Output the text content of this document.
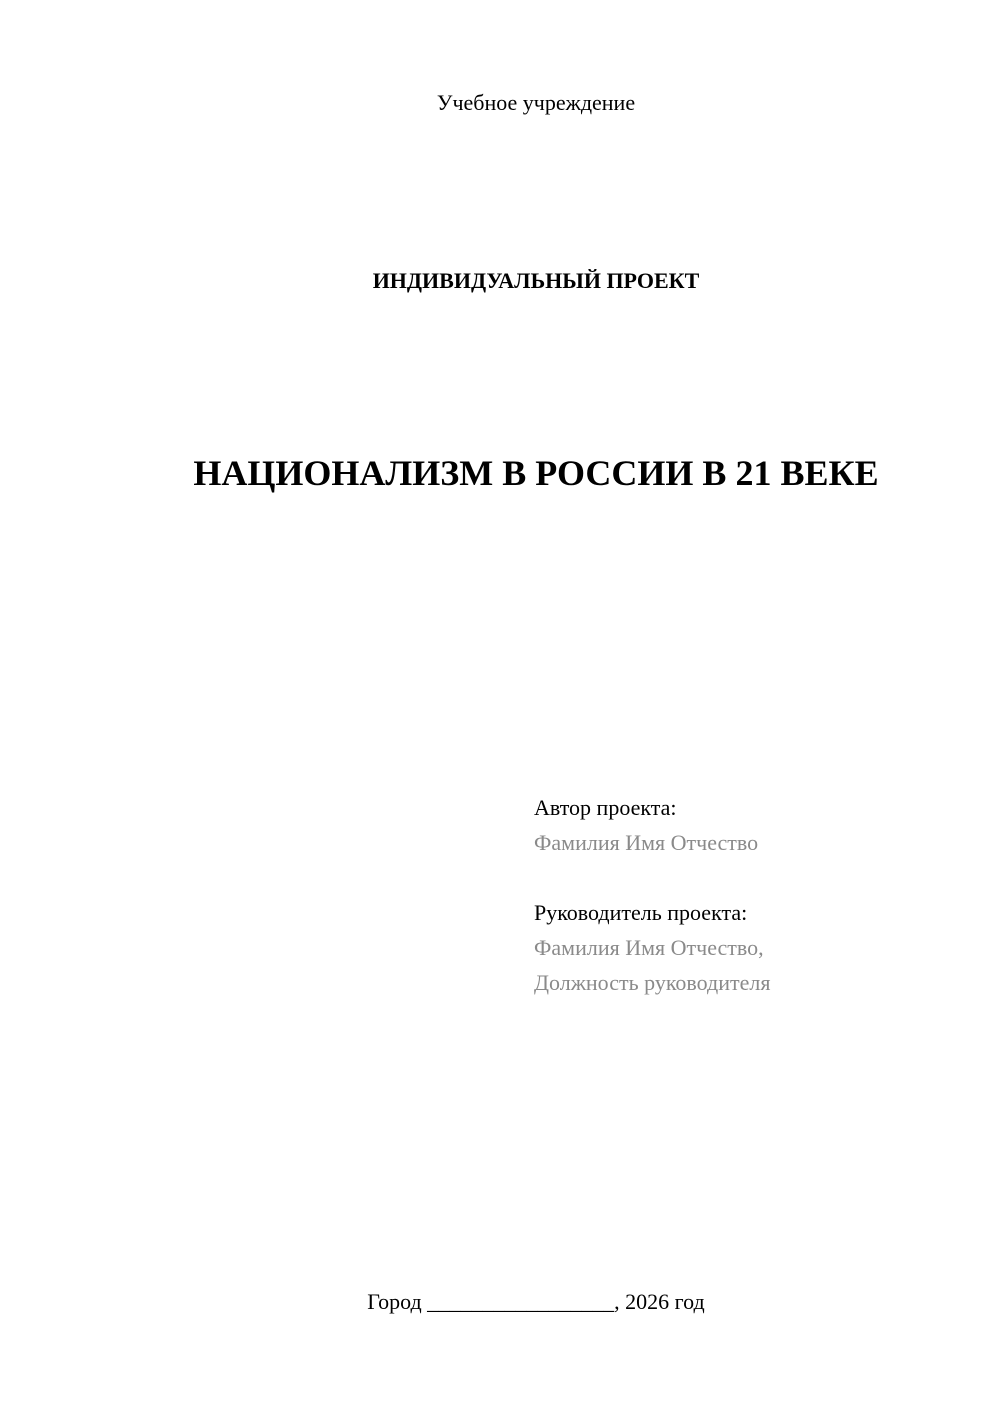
Учебное учреждение
ИНДИВИДУАЛЬНЫЙ ПРОЕКТ
НАЦИОНАЛИЗМ В РОССИИ В 21 ВЕКЕ
Автор проекта:
Фамилия Имя Отчество
Руководитель проекта:
Фамилия Имя Отчество,
Должность руководителя
Город _________________, 2026 год
